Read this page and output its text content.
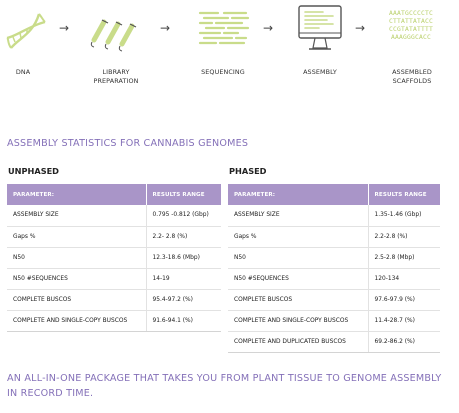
AAATGCCCCTC
CTTATTATACC
CCGTATATTTT
AAAGGGCACC
→	→	→	→
DNA	LIBRARY PREPARATION
SEQUENCING	ASSEMBLY	ASSEMBLED SCAFFOLDS
ASSEMBLY STATISTICS FOR CANNABIS GENOMES
UNPHASED
PARAMETER:	RESULTS RANGE
ASSEMBLY SIZE	0.795 -0.812 (Gbp)
Gaps %	2.2- 2.8 (%)
N50	12.3-18.6 (Mbp)
N50 #SEQUENCES	14-19
COMPLETE BUSCOS	95.4-97.2 (%)
COMPLETE AND SINGLE-COPY BUSCOS	91.6-94.1 (%)
PHASED
PARAMETER:	RESULTS RANGE
ASSEMBLY SIZE	1.35-1.46 (Gbp)
Gaps %	2.2-2.8 (%)
N50	2.5-2.8 (Mbp)
N50 #SEQUENCES	120-134
COMPLETE BUSCOS	97.6-97.9 (%)
COMPLETE AND SINGLE-COPY BUSCOS	11.4-28.7 (%)
COMPLETE AND DUPLICATED BUSCOS	69.2-86.2 (%)
AN ALL-IN-ONE PACKAGE THAT TAKES YOU FROM PLANT TISSUE TO GENOME ASSEMBLY IN RECORD TIME.
